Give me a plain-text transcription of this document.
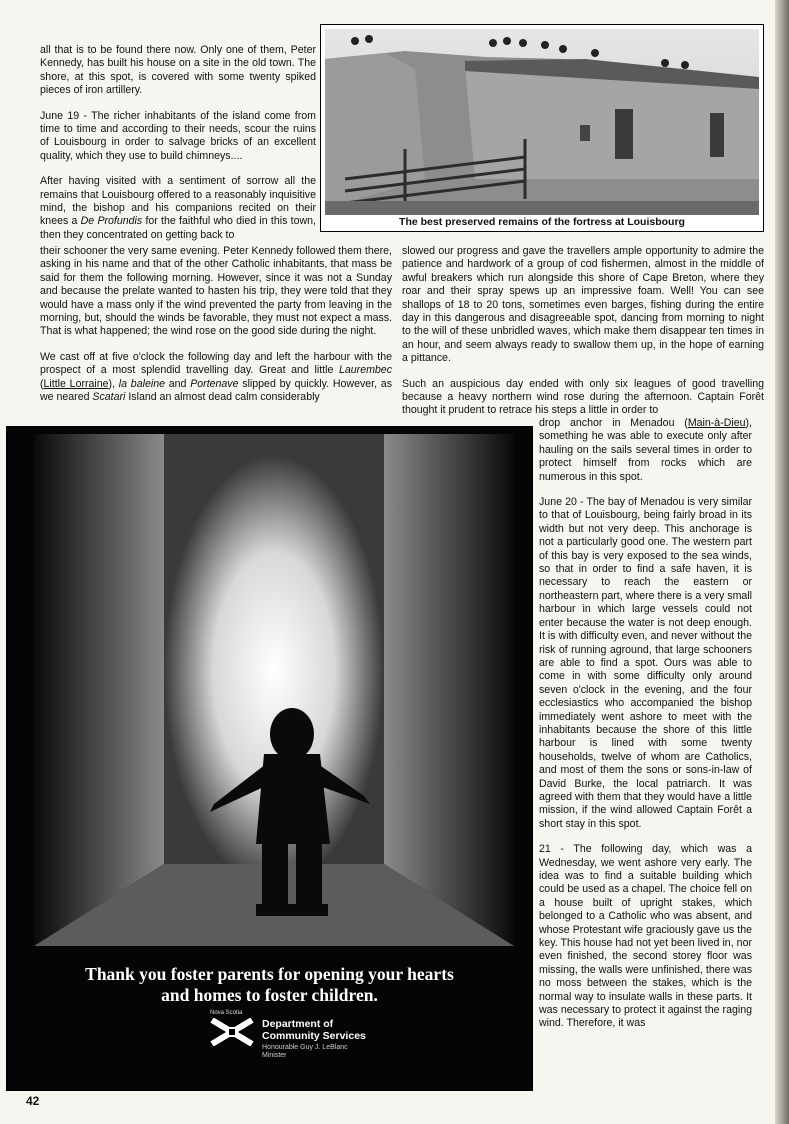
all that is to be found there now. Only one of them, Peter Kennedy, has built his house on a site in the old town. The shore, at this spot, is covered with some twenty spiked pieces of iron artillery.

June 19 - The richer inhabitants of the island come from time to time and according to their needs, scour the ruins of Louisbourg in order to salvage bricks of an excellent quality, which they use to build chimneys....

After having visited with a sentiment of sorrow all the remains that Louisbourg offered to a reasonably inquisitive mind, the bishop and his companions recited on their knees a De Profundis for the faithful who died in this town, then they concentrated on getting back to

The best preserved remains of the fortress at Louisbourg

their schooner the very same evening. Peter Kennedy followed them there, asking in his name and that of the other Catholic inhabitants, that mass be said for them the following morning. However, since it was not a Sunday and because the prelate wanted to hasten his trip, they were told that they would have a mass only if the wind prevented the party from leaving in the morning, but, should the winds be favorable, they must not expect a mass. That is what happened; the wind rose on the good side during the night.

We cast off at five o'clock the following day and left the harbour with the prospect of a most splendid travelling day. Great and little Laurembec (Little Lorraine), la baleine and Portenave slipped by quickly. However, as we neared Scatari Island an almost dead calm considerably

slowed our progress and gave the travellers ample opportunity to admire the patience and hardwork of a group of cod fishermen, almost in the middle of awful breakers which run alongside this shore of Cape Breton, where they roar and their spray spews up an impressive foam. Well! You can see shallops of 18 to 20 tons, sometimes even barges, fishing during the entire day in this dangerous and disagreeable spot, dancing from morning to night to the will of these unbridled waves, which make them disappear ten times in an hour, and seem always ready to swallow them up, in the hope of earning a pittance.

Such an auspicious day ended with only six leagues of good travelling because a heavy northern wind rose during the afternoon. Captain Forêt thought it prudent to retrace his steps a little in order to

drop anchor in Menadou (Main-à-Dieu), something he was able to execute only after hauling on the sails several times in order to protect himself from rocks which are numerous in this spot.

June 20 - The bay of Menadou is very similar to that of Louisbourg, being fairly broad in its width but not very deep. This anchorage is not a particularly good one. The western part of this bay is very exposed to the sea winds, so that in order to find a safe haven, it is necessary to reach the eastern or northeastern part, where there is a very small harbour in which large vessels could not enter because the water is not deep enough. It is with difficulty even, and never without the risk of running aground, that large schooners are able to find a spot. Ours was able to come in with some difficulty only around seven o'clock in the evening, and the four ecclesiastics who accompanied the bishop immediately went ashore to meet with the inhabitants because the shore of this little harbour is lined with some twenty households, twelve of whom are Catholics, and most of them the sons or sons-in-law of David Burke, the local patriarch. It was agreed with them that they would have a little mission, if the wind allowed Captain Forêt a short stay in this spot.

21 - The following day, which was a Wednesday, we went ashore very early. The idea was to find a suitable building which could be used as a chapel. The choice fell on a house built of upright stakes, which belonged to a Catholic who was absent, and whose Protestant wife graciously gave us the key. This house had not yet been lived in, nor even finished, the second storey floor was missing, the walls were unfinished, there was no moss between the stakes, which is the normal way to insulate walls in these parts. It was necessary to protect it against the raging wind. Therefore, it was

Thank you foster parents for opening your hearts
and homes to foster children.
Nova Scotia
Department of
Community Services
Honourable Guy J. LeBlanc
Minister
42
